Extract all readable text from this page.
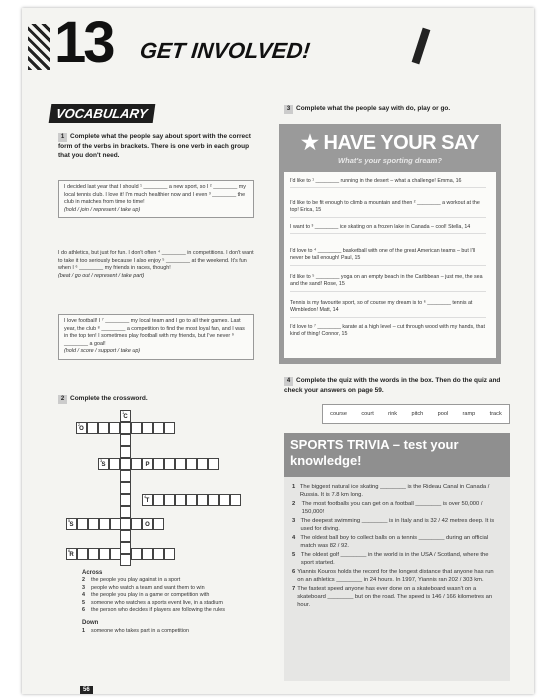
13 GET INVOLVED!
VOCABULARY
1 Complete what the people say about sport with the correct form of the verbs in brackets. There is one verb in each group that you don't need.
I decided last year that I should ¹ ________ a new sport, so I ² ________ my local tennis club. I love it! I'm much healthier now and I even ³ ________ the club in matches from time to time!
(hold / join / represent / take up)
I do athletics, but just for fun. I don't often ⁴ ________ in competitions. I don't want to take it too seriously because I also enjoy ⁵ ________ at the weekend. It's fun when I ⁶ ________ my friends in races, though!
(beat / go out / represent / take part)
I love football! I ⁷ ________ my local team and I go to all their games. Last year, the club ⁸ ________ a competition to find the most loyal fan, and I was in the top ten! I sometimes play football with my friends, but I've never ⁹ ________ a goal!
(hold / score / support / take up)
2 Complete the crossword.
1
C
2
O
3
S	P
4
T
5
S	O
6
R
Across
2	the people you play against in a sport
3	people who watch a team and want them to win
4	the people you play in a game or competition with
5	someone who watches a sports event live, in a stadium
6	the person who decides if players are following the rules
Down
1	someone who takes part in a competition
3 Complete what the people say with do, play or go.
★ HAVE YOUR SAY
What's your sporting dream?
I'd like to ¹ ________ running in the desert – what a challenge! Emma, 16
I'd like to be fit enough to climb a mountain and then ² ________ a workout at the top! Erica, 15
I want to ³ ________ ice skating on a frozen lake in Canada – cool! Stella, 14
I'd love to ⁴ ________ basketball with one of the great American teams – but I'll never be tall enough! Paul, 15
I'd like to ⁵ ________ yoga on an empty beach in the Caribbean – just me, the sea and the sand! Rose, 15
Tennis is my favourite sport, so of course my dream is to ⁶ ________ tennis at Wimbledon! Matt, 14
I'd love to ⁷ ________ karate at a high level – cut through wood with my hands, that kind of thing! Connor, 15
4 Complete the quiz with the words in the box. Then do the quiz and check your answers on page 59.
course	court	rink	pitch	pool	ramp	track
SPORTS TRIVIA – test your knowledge!
1 The biggest natural ice skating ________ is the Rideau Canal in Canada / Russia. It is 7.8 km long.
2	The most footballs you can get on a football ________ is over 50,000 / 150,000!
3 The deepest swimming ________ is in Italy and is 32 / 42 metres deep. It is used for diving.
4 The oldest ball boy to collect balls on a tennis ________ during an official match was 82 / 92.
5 The oldest golf ________ in the world is in the USA / Scotland, where the sport started.
6 Yiannis Kouros holds the record for the longest distance that anyone has run on an athletics ________ in 24 hours. In 1997, Yiannis ran 202 / 303 km.
7 The fastest speed anyone has ever done on a skateboard wasn't on a skateboard ________ but on the road. The speed is 146 / 166 kilometres an hour.
56
